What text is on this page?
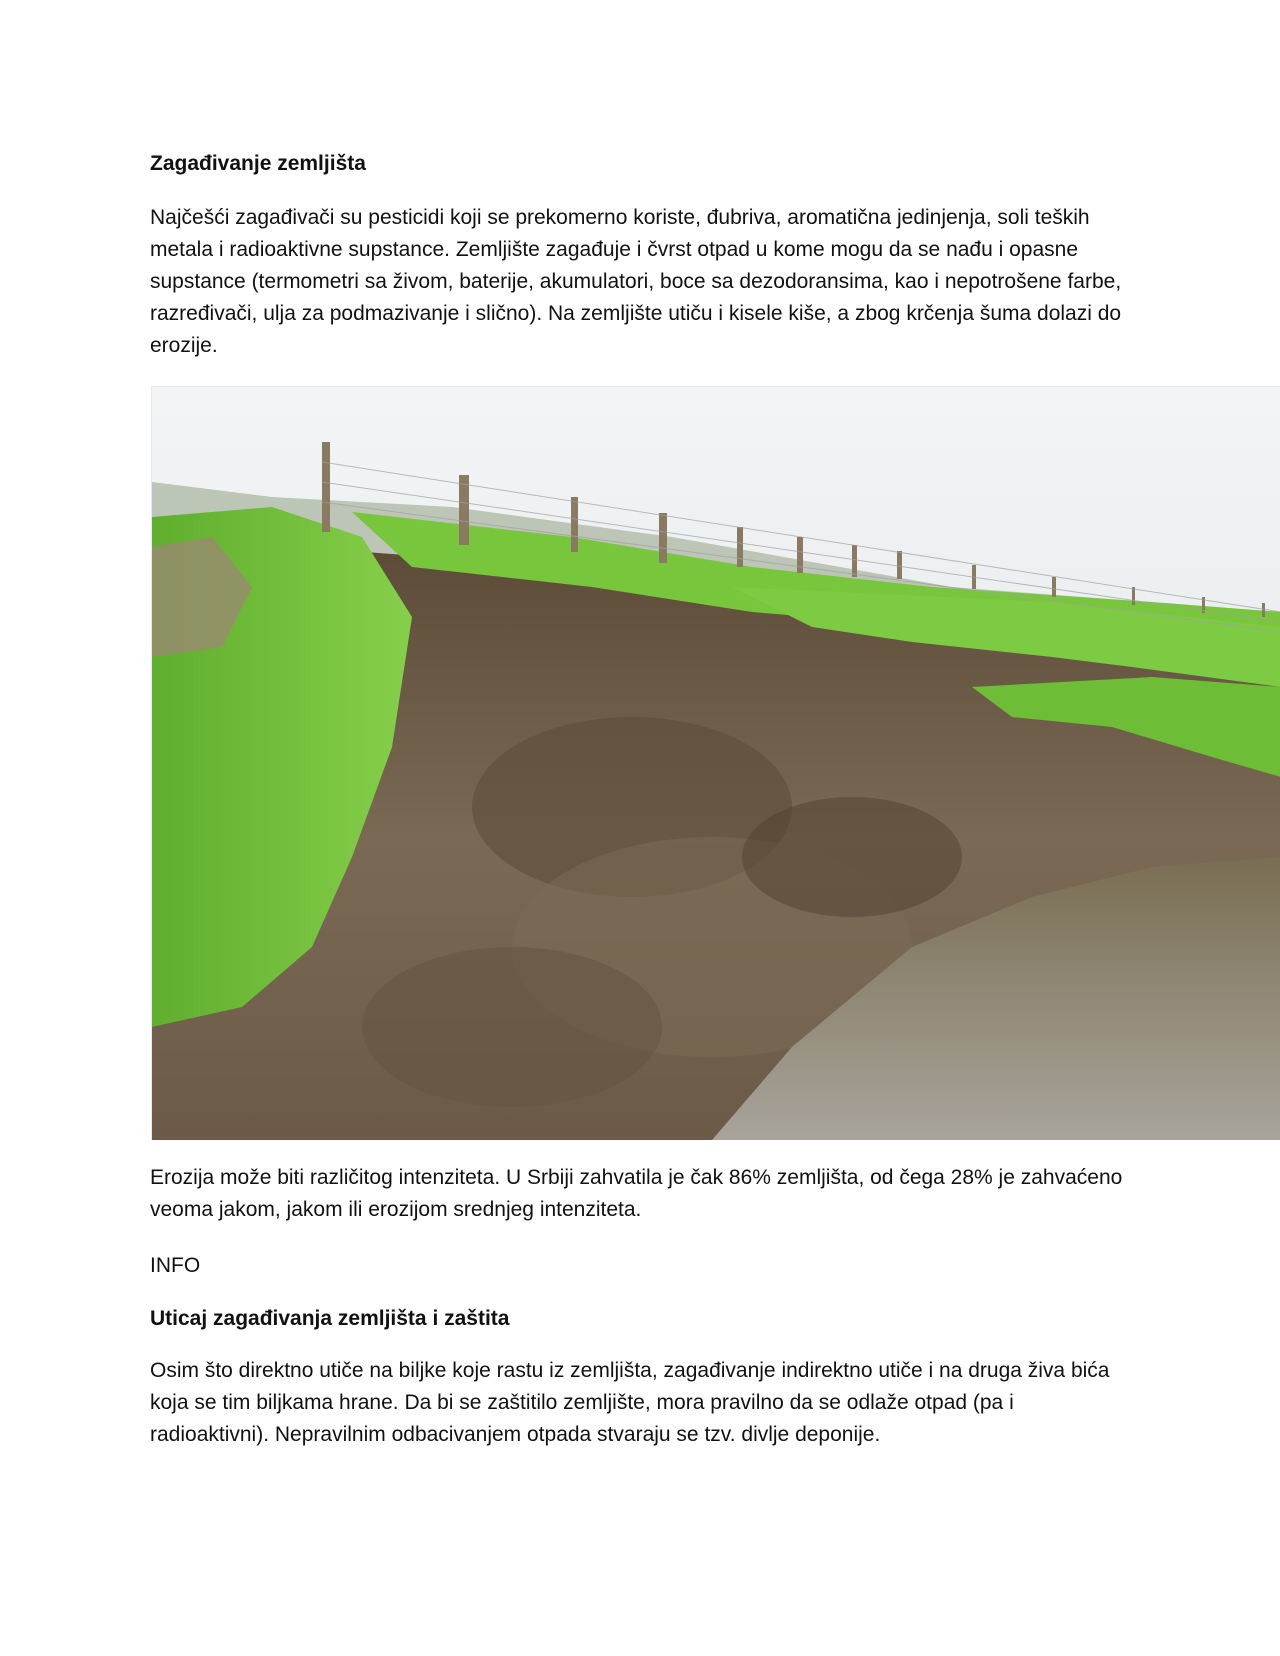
Zagađivanje zemljišta

Najčešći zagađivači su pesticidi koji se prekomerno koriste, đubriva, aromatična jedinjenja, soli teških metala i radioaktivne supstance. Zemljište zagađuje i čvrst otpad u kome mogu da se nađu i opasne supstance (termometri sa živom, baterije, akumulatori, boce sa dezodoransima, kao i nepotrošene farbe, razređivači, ulja za podmazivanje i slično). Na zemljište utiču i kisele kiše, a zbog krčenja šuma dolazi do erozije.

Erozija može biti različitog intenziteta. U Srbiji zahvatila je čak 86% zemljišta, od čega 28% je zahvaćeno veoma jakom, jakom ili erozijom srednjeg intenziteta.

INFO

Uticaj zagađivanja zemljišta i zaštita

Osim što direktno utiče na biljke koje rastu iz zemljišta, zagađivanje indirektno utiče i na druga živa bića koja se tim biljkama hrane. Da bi se zaštitilo zemljište, mora pravilno da se odlaže otpad (pa i radioaktivni). Nepravilnim odbacivanjem otpada stvaraju se tzv. divlje deponije.
